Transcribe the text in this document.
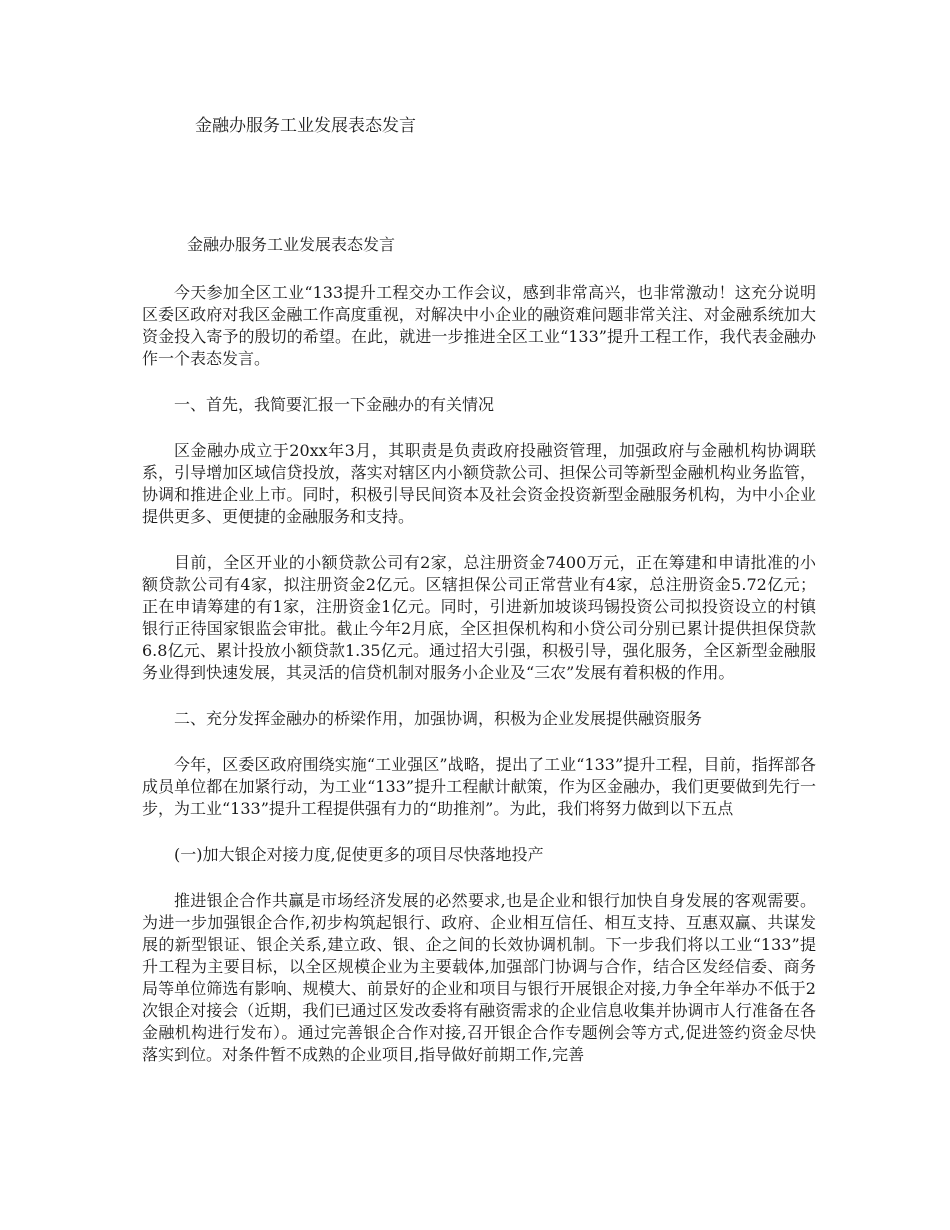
金融办服务工业发展表态发言

金融办服务工业发展表态发言

今天参加全区工业“133提升工程交办工作会议，感到非常高兴，也非常激动！这充分说明区委区政府对我区金融工作高度重视，对解决中小企业的融资难问题非常关注、对金融系统加大资金投入寄予的殷切的希望。在此，就进一步推进全区工业“133”提升工程工作，我代表金融办作一个表态发言。

一、首先，我简要汇报一下金融办的有关情况

区金融办成立于20xx年3月，其职责是负责政府投融资管理，加强政府与金融机构协调联系，引导增加区域信贷投放，落实对辖区内小额贷款公司、担保公司等新型金融机构业务监管，协调和推进企业上市。同时，积极引导民间资本及社会资金投资新型金融服务机构，为中小企业提供更多、更便捷的金融服务和支持。

目前，全区开业的小额贷款公司有2家，总注册资金7400万元，正在筹建和申请批准的小额贷款公司有4家，拟注册资金2亿元。区辖担保公司正常营业有4家，总注册资金5.72亿元；正在申请筹建的有1家，注册资金1亿元。同时，引进新加坡谈玛锡投资公司拟投资设立的村镇银行正待国家银监会审批。截止今年2月底，全区担保机构和小贷公司分别已累计提供担保贷款6.8亿元、累计投放小额贷款1.35亿元。通过招大引强，积极引导，强化服务，全区新型金融服务业得到快速发展，其灵活的信贷机制对服务小企业及“三农”发展有着积极的作用。

二、充分发挥金融办的桥梁作用，加强协调，积极为企业发展提供融资服务

今年，区委区政府围绕实施“工业强区”战略，提出了工业“133”提升工程，目前，指挥部各成员单位都在加紧行动，为工业“133”提升工程献计献策，作为区金融办，我们更要做到先行一步，为工业“133”提升工程提供强有力的“助推剂”。为此，我们将努力做到以下五点

(一)加大银企对接力度,促使更多的项目尽快落地投产

推进银企合作共赢是市场经济发展的必然要求,也是企业和银行加快自身发展的客观需要。为进一步加强银企合作,初步构筑起银行、政府、企业相互信任、相互支持、互惠双赢、共谋发展的新型银证、银企关系,建立政、银、企之间的长效协调机制。下一步我们将以工业“133”提升工程为主要目标，以全区规模企业为主要载体,加强部门协调与合作，结合区发经信委、商务局等单位筛选有影响、规模大、前景好的企业和项目与银行开展银企对接,力争全年举办不低于2次银企对接会（近期，我们已通过区发改委将有融资需求的企业信息收集并协调市人行准备在各金融机构进行发布）。通过完善银企合作对接,召开银企合作专题例会等方式,促进签约资金尽快落实到位。对条件暂不成熟的企业项目,指导做好前期工作,完善
